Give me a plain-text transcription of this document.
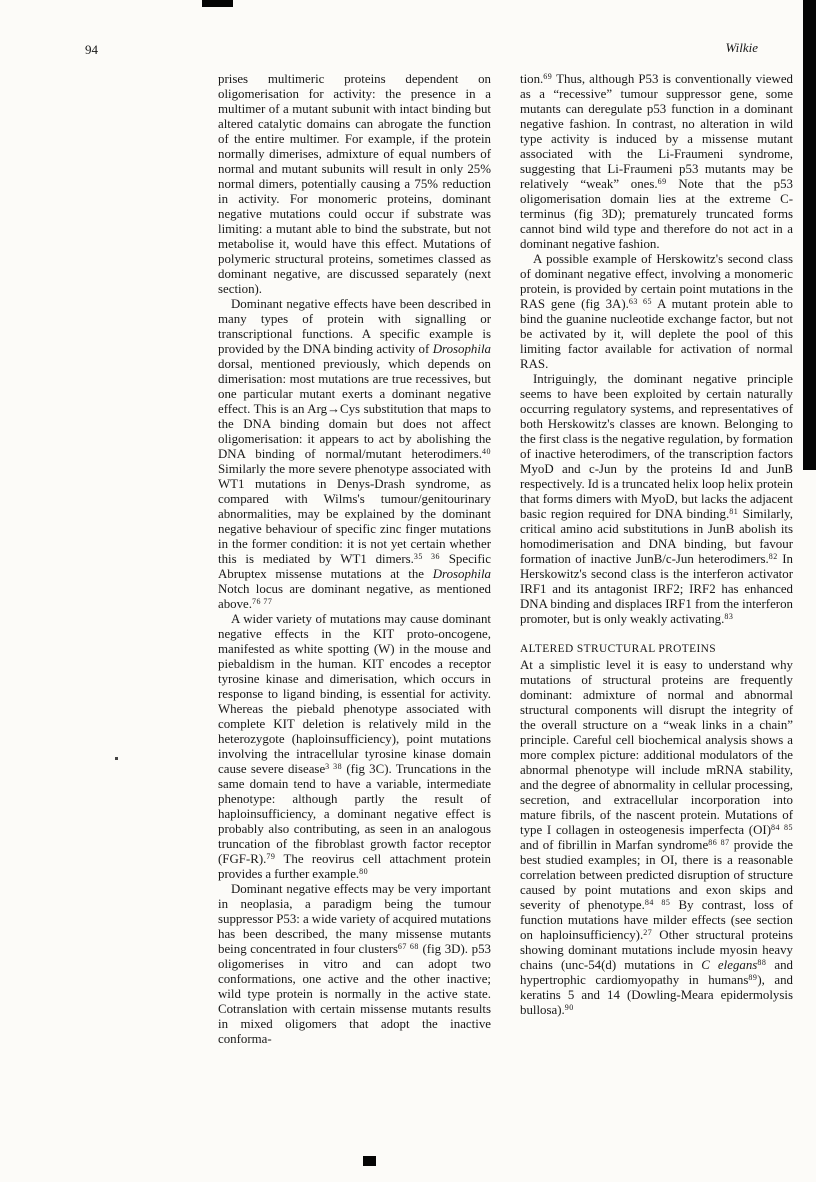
94	Wilkie

prises multimeric proteins dependent on oligomerisation for activity: the presence in a multimer of a mutant subunit with intact binding but altered catalytic domains can abrogate the function of the entire multimer. For example, if the protein normally dimerises, admixture of equal numbers of normal and mutant subunits will result in only 25% normal dimers, potentially causing a 75% reduction in activity. For monomeric proteins, dominant negative mutations could occur if substrate was limiting: a mutant able to bind the substrate, but not metabolise it, would have this effect. Mutations of polymeric structural proteins, sometimes classed as dominant negative, are discussed separately (next section).

Dominant negative effects have been described in many types of protein with signalling or transcriptional functions. A specific example is provided by the DNA binding activity of Drosophila dorsal, mentioned previously, which depends on dimerisation: most mutations are true recessives, but one particular mutant exerts a dominant negative effect. This is an Arg→Cys substitution that maps to the DNA binding domain but does not affect oligomerisation: it appears to act by abolishing the DNA binding of normal/mutant heterodimers.$^{40}$ Similarly the more severe phenotype associated with WT1 mutations in Denys-Drash syndrome, as compared with Wilms's tumour/genitourinary abnormalities, may be explained by the dominant negative behaviour of specific zinc finger mutations in the former condition: it is not yet certain whether this is mediated by WT1 dimers.$^{35 36}$ Specific Abruptex missense mutations at the Drosophila Notch locus are dominant negative, as mentioned above.$^{76 77}$

A wider variety of mutations may cause dominant negative effects in the KIT proto-oncogene, manifested as white spotting (W) in the mouse and piebaldism in the human. KIT encodes a receptor tyrosine kinase and dimerisation, which occurs in response to ligand binding, is essential for activity. Whereas the piebald phenotype associated with complete KIT deletion is relatively mild in the heterozygote (haploinsufficiency), point mutations involving the intracellular tyrosine kinase domain cause severe disease$^{3 38}$ (fig 3C). Truncations in the same domain tend to have a variable, intermediate phenotype: although partly the result of haploinsufficiency, a dominant negative effect is probably also contributing, as seen in an analogous truncation of the fibroblast growth factor receptor (FGF-R).$^{79}$ The reovirus cell attachment protein provides a further example.$^{80}$

Dominant negative effects may be very important in neoplasia, a paradigm being the tumour suppressor P53: a wide variety of acquired mutations has been described, the many missense mutants being concentrated in four clusters$^{67 68}$ (fig 3D). p53 oligomerises in vitro and can adopt two conformations, one active and the other inactive; wild type protein is normally in the active state. Cotranslation with certain missense mutants results in mixed oligomers that adopt the inactive conforma-

tion.$^{69}$ Thus, although P53 is conventionally viewed as a “recessive” tumour suppressor gene, some mutants can deregulate p53 function in a dominant negative fashion. In contrast, no alteration in wild type activity is induced by a missense mutant associated with the Li-Fraumeni syndrome, suggesting that Li-Fraumeni p53 mutants may be relatively “weak” ones.$^{69}$ Note that the p53 oligomerisation domain lies at the extreme C-terminus (fig 3D); prematurely truncated forms cannot bind wild type and therefore do not act in a dominant negative fashion.

A possible example of Herskowitz's second class of dominant negative effect, involving a monomeric protein, is provided by certain point mutations in the RAS gene (fig 3A).$^{63 65}$ A mutant protein able to bind the guanine nucleotide exchange factor, but not be activated by it, will deplete the pool of this limiting factor available for activation of normal RAS.

Intriguingly, the dominant negative principle seems to have been exploited by certain naturally occurring regulatory systems, and representatives of both Herskowitz's classes are known. Belonging to the first class is the negative regulation, by formation of inactive heterodimers, of the transcription factors MyoD and c-Jun by the proteins Id and JunB respectively. Id is a truncated helix loop helix protein that forms dimers with MyoD, but lacks the adjacent basic region required for DNA binding.$^{81}$ Similarly, critical amino acid substitutions in JunB abolish its homodimerisation and DNA binding, but favour formation of inactive JunB/c-Jun heterodimers.$^{82}$ In Herskowitz's second class is the interferon activator IRF1 and its antagonist IRF2; IRF2 has enhanced DNA binding and displaces IRF1 from the interferon promoter, but is only weakly activating.$^{83}$

ALTERED STRUCTURAL PROTEINS

At a simplistic level it is easy to understand why mutations of structural proteins are frequently dominant: admixture of normal and abnormal structural components will disrupt the integrity of the overall structure on a “weak links in a chain” principle. Careful cell biochemical analysis shows a more complex picture: additional modulators of the abnormal phenotype will include mRNA stability, and the degree of abnormality in cellular processing, secretion, and extracellular incorporation into mature fibrils, of the nascent protein. Mutations of type I collagen in osteogenesis imperfecta (OI)$^{84 85}$ and of fibrillin in Marfan syndrome$^{86 87}$ provide the best studied examples; in OI, there is a reasonable correlation between predicted disruption of structure caused by point mutations and exon skips and severity of phenotype.$^{84 85}$ By contrast, loss of function mutations have milder effects (see section on haploinsufficiency).$^{27}$ Other structural proteins showing dominant mutations include myosin heavy chains (unc-54(d) mutations in C elegans$^{88}$ and hypertrophic cardiomyopathy in humans$^{89}$), and keratins 5 and 14 (Dowling-Meara epidermolysis bullosa).$^{90}$
